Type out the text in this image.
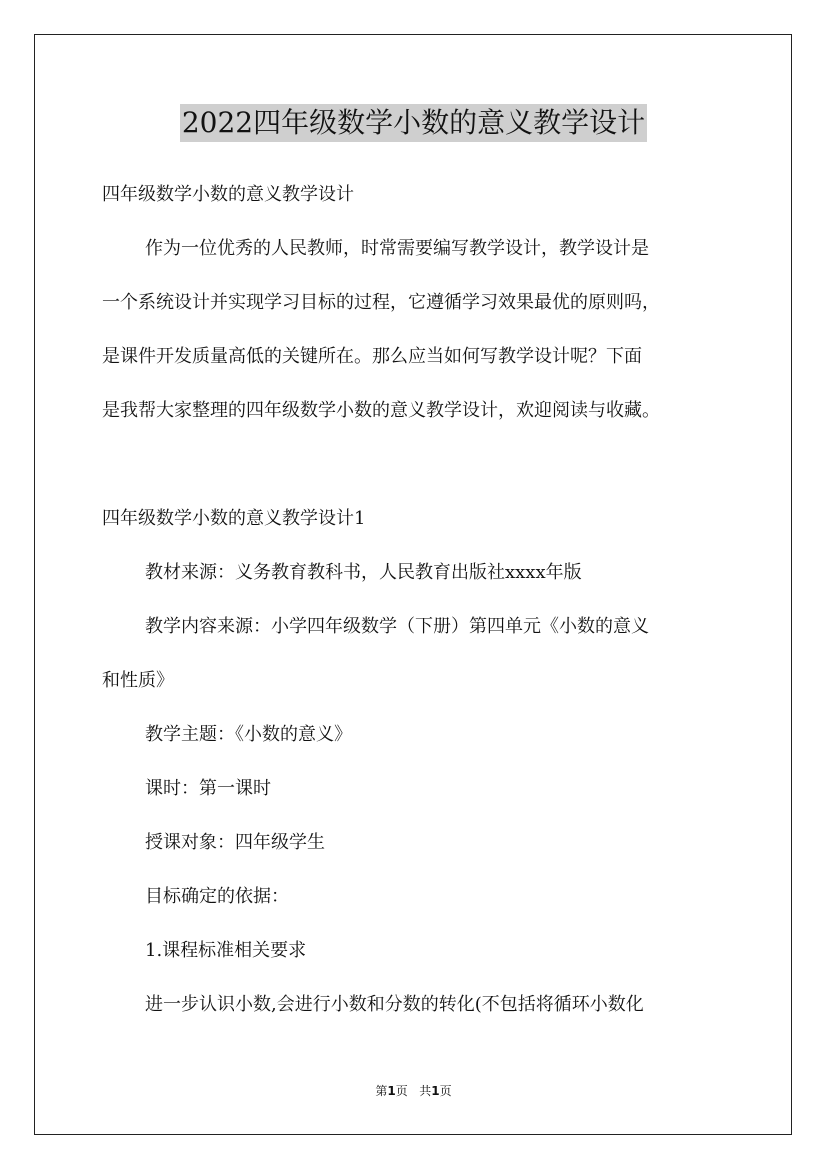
2022四年级数学小数的意义教学设计
四年级数学小数的意义教学设计
作为一位优秀的人民教师，时常需要编写教学设计，教学设计是
一个系统设计并实现学习目标的过程，它遵循学习效果最优的原则吗，
是课件开发质量高低的关键所在。那么应当如何写教学设计呢？下面
是我帮大家整理的四年级数学小数的意义教学设计，欢迎阅读与收藏。
四年级数学小数的意义教学设计1
教材来源：义务教育教科书，人民教育出版社xxxx年版
教学内容来源：小学四年级数学（下册）第四单元《小数的意义
和性质》
教学主题：《小数的意义》
课时：第一课时
授课对象：四年级学生
目标确定的依据：
1.课程标准相关要求
进一步认识小数,会进行小数和分数的转化(不包括将循环小数化
第1页 共1页
